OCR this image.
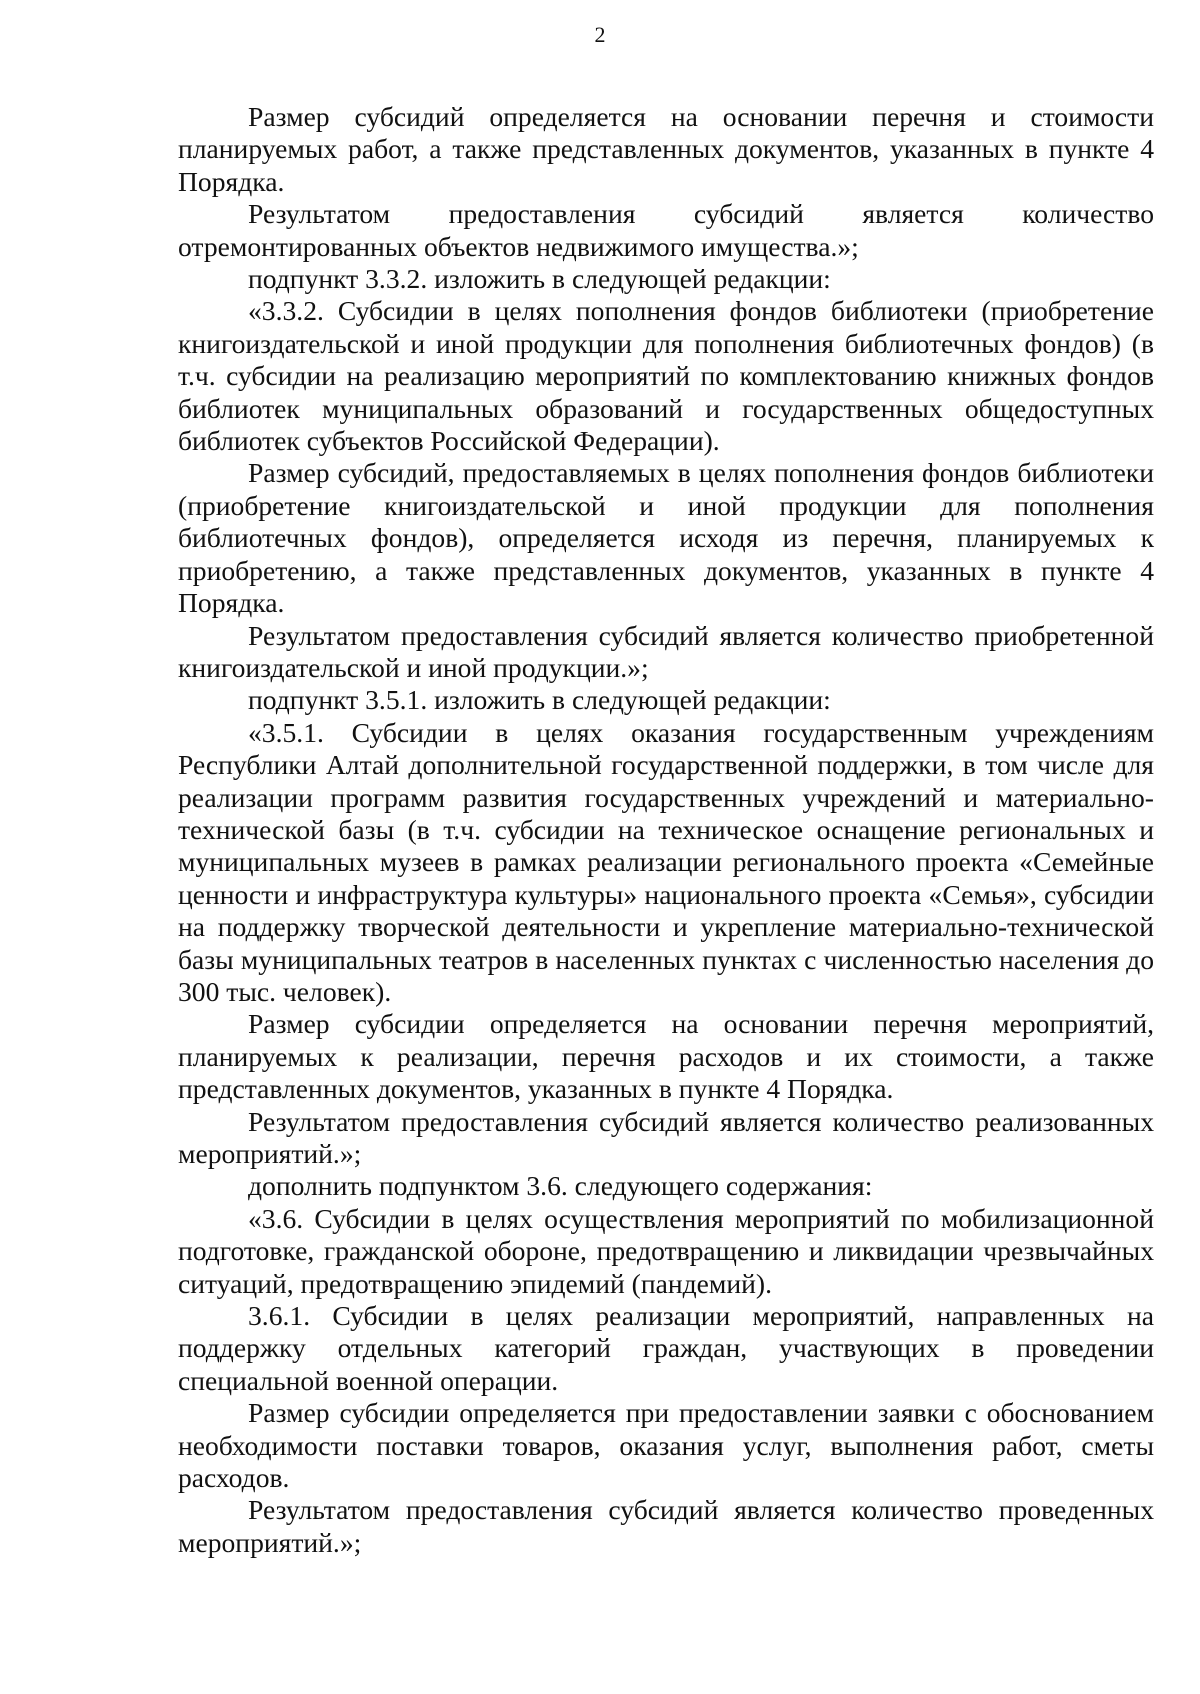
2

Размер субсидий определяется на основании перечня и стоимости планируемых работ, а также представленных документов, указанных в пункте 4 Порядка.

Результатом предоставления субсидий является количество отремонтированных объектов недвижимого имущества.»;

подпункт 3.3.2. изложить в следующей редакции:

«3.3.2. Субсидии в целях пополнения фондов библиотеки (приобретение книгоиздательской и иной продукции для пополнения библиотечных фондов) (в т.ч. субсидии на реализацию мероприятий по комплектованию книжных фондов библиотек муниципальных образований и государственных общедоступных библиотек субъектов Российской Федерации).

Размер субсидий, предоставляемых в целях пополнения фондов библиотеки (приобретение книгоиздательской и иной продукции для пополнения библиотечных фондов), определяется исходя из перечня, планируемых к приобретению, а также представленных документов, указанных в пункте 4 Порядка.

Результатом предоставления субсидий является количество приобретенной книгоиздательской и иной продукции.»;

подпункт 3.5.1. изложить в следующей редакции:

«3.5.1. Субсидии в целях оказания государственным учреждениям Республики Алтай дополнительной государственной поддержки, в том числе для реализации программ развития государственных учреждений и материально-технической базы (в т.ч. субсидии на техническое оснащение региональных и муниципальных музеев в рамках реализации регионального проекта «Семейные ценности и инфраструктура культуры» национального проекта «Семья», субсидии на поддержку творческой деятельности и укрепление материально-технической базы муниципальных театров в населенных пунктах с численностью населения до 300 тыс. человек).

Размер субсидии определяется на основании перечня мероприятий, планируемых к реализации, перечня расходов и их стоимости, а также представленных документов, указанных в пункте 4 Порядка.

Результатом предоставления субсидий является количество реализованных мероприятий.»;

дополнить подпунктом 3.6. следующего содержания:

«3.6. Субсидии в целях осуществления мероприятий по мобилизационной подготовке, гражданской обороне, предотвращению и ликвидации чрезвычайных ситуаций, предотвращению эпидемий (пандемий).

3.6.1. Субсидии в целях реализации мероприятий, направленных на поддержку отдельных категорий граждан, участвующих в проведении специальной военной операции.

Размер субсидии определяется при предоставлении заявки с обоснованием необходимости поставки товаров, оказания услуг, выполнения работ, сметы расходов.

Результатом предоставления субсидий является количество проведенных мероприятий.»;
